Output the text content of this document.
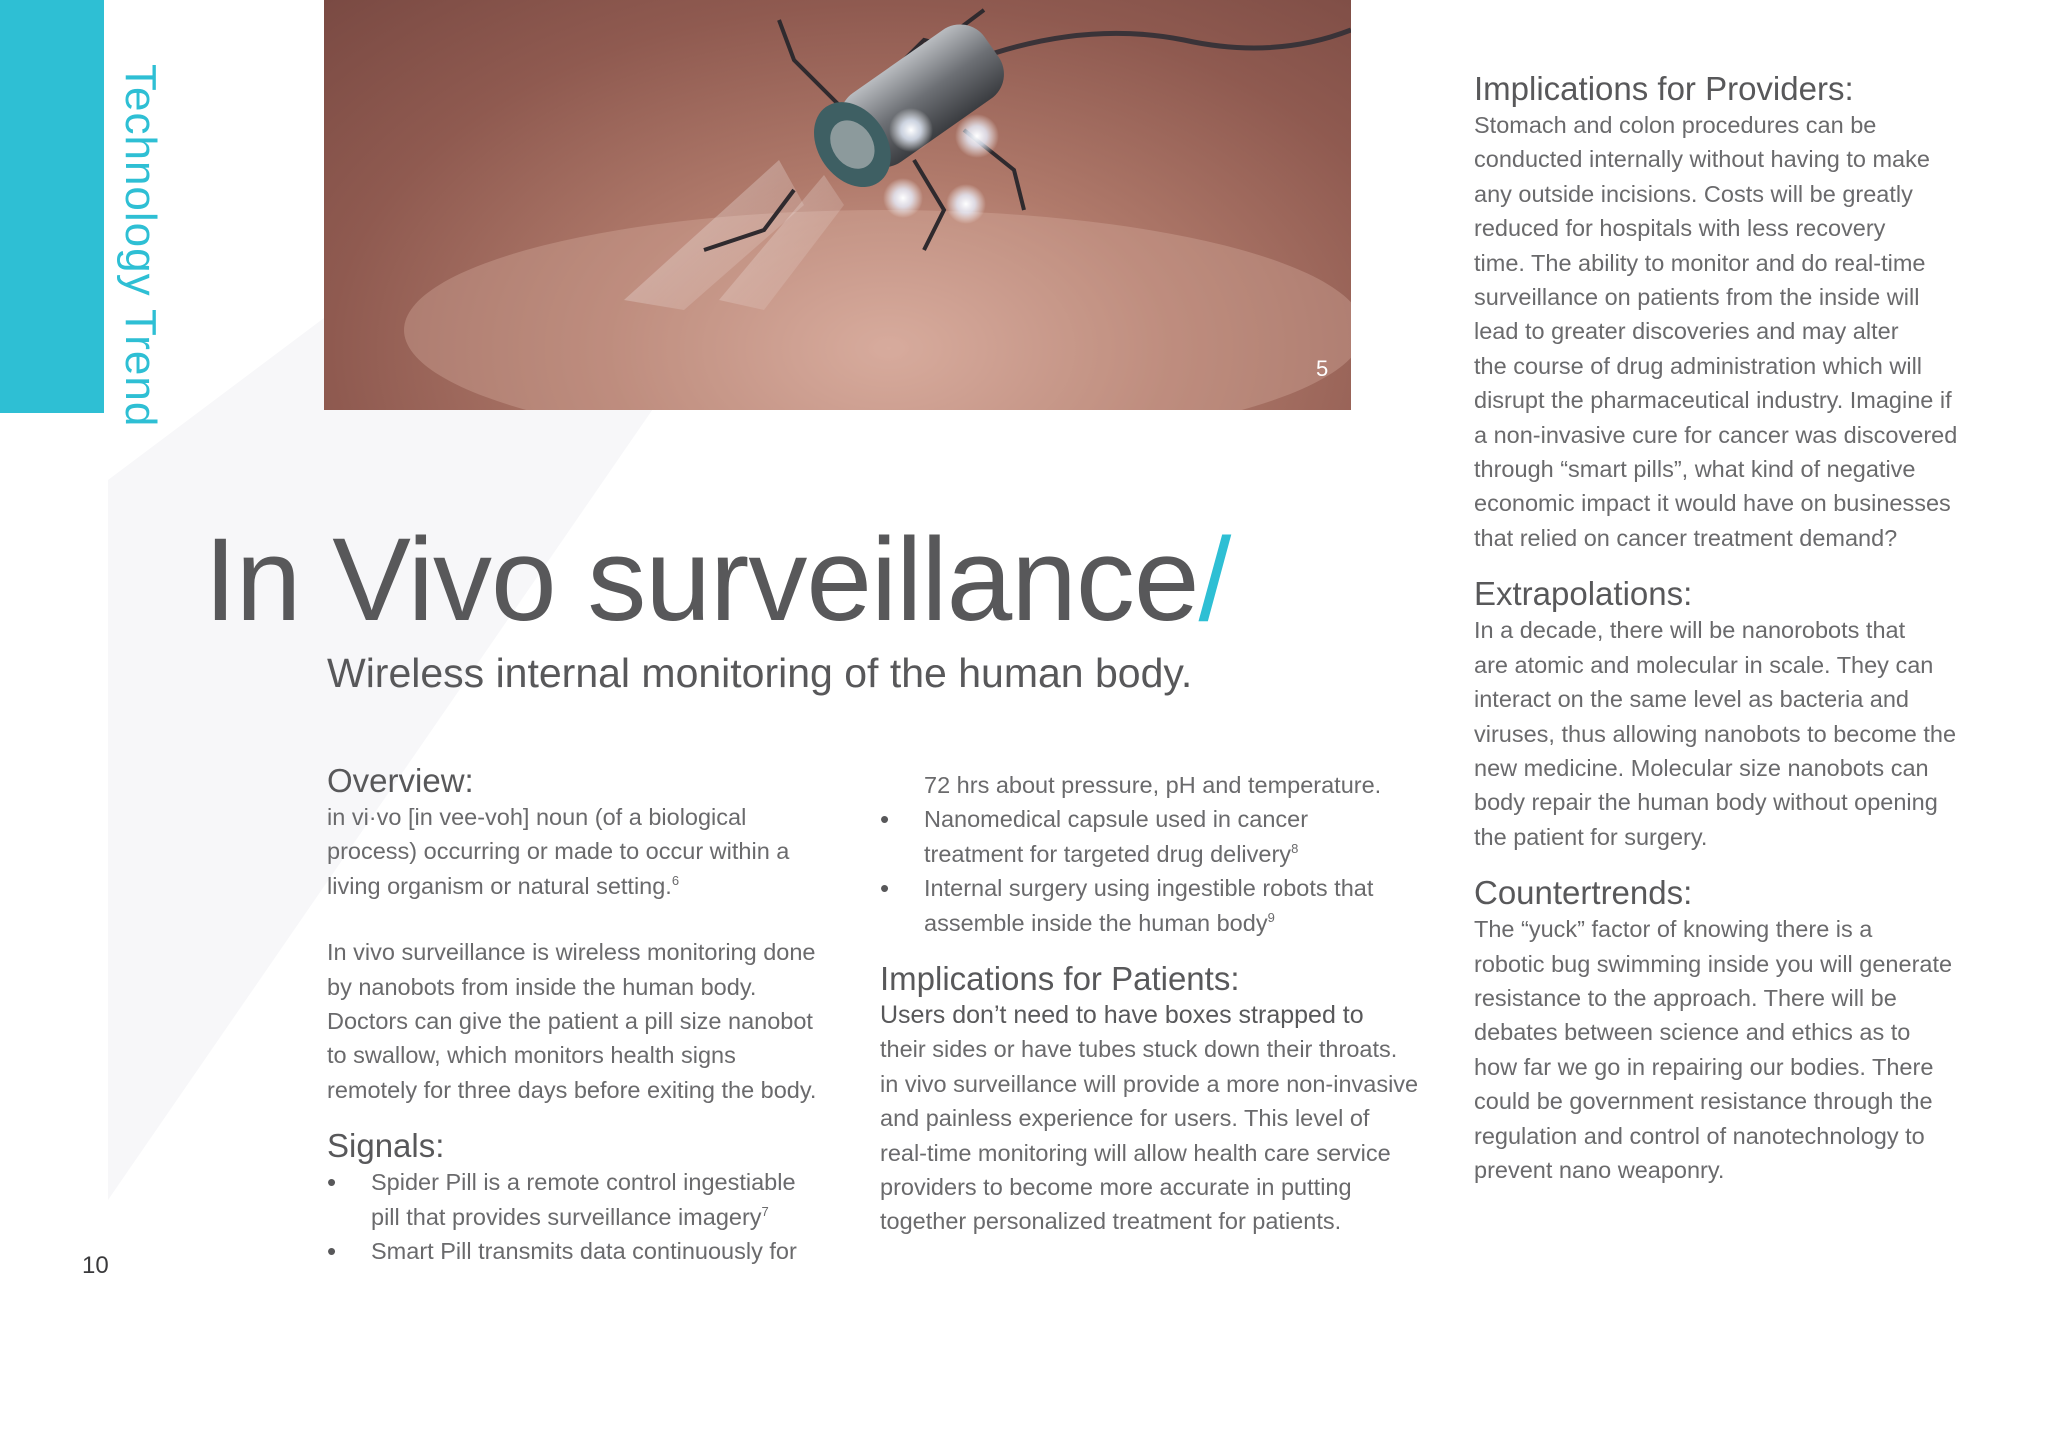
Technology Trend	5
In Vivo surveillance/
Wireless internal monitoring of the human body.
Overview:

in vi·vo [in vee-voh] noun (of a biological

process) occurring or made to occur within a

living organism or natural setting.$^6$

In vivo surveillance is wireless monitoring done

by nanobots from inside the human body.

Doctors can give the patient a pill size nanobot

to swallow, which monitors health signs

remotely for three days before exiting the body.

Signals:
• Spider Pill is a remote control ingestiable
pill that provides surveillance imagery$^7$
• Smart Pill transmits data continuously for
72 hrs about pressure, pH and temperature.
• Nanomedical capsule used in cancer
treatment for targeted drug delivery$^8$
• Internal surgery using ingestible robots that
assemble inside the human body$^9$
Implications for Patients:

Users don’t need to have boxes strapped to

their sides or have tubes stuck down their throats.

in vivo surveillance will provide a more non-invasive

and painless experience for users. This level of

real-time monitoring will allow health care service

providers to become more accurate in putting

together personalized treatment for patients.

Implications for Providers:

Stomach and colon procedures can be

conducted internally without having to make

any outside incisions. Costs will be greatly

reduced for hospitals with less recovery

time. The ability to monitor and do real-time

surveillance on patients from the inside will

lead to greater discoveries and may alter

the course of drug administration which will

disrupt the pharmaceutical industry. Imagine if

a non-invasive cure for cancer was discovered

through “smart pills”, what kind of negative

economic impact it would have on businesses

that relied on cancer treatment demand?

Extrapolations:

In a decade, there will be nanorobots that

are atomic and molecular in scale. They can

interact on the same level as bacteria and

viruses, thus allowing nanobots to become the

new medicine. Molecular size nanobots can

body repair the human body without opening

the patient for surgery.

Countertrends:

The “yuck” factor of knowing there is a

robotic bug swimming inside you will generate

resistance to the approach. There will be

debates between science and ethics as to

how far we go in repairing our bodies. There

could be government resistance through the

regulation and control of nanotechnology to

prevent nano weaponry.

10
